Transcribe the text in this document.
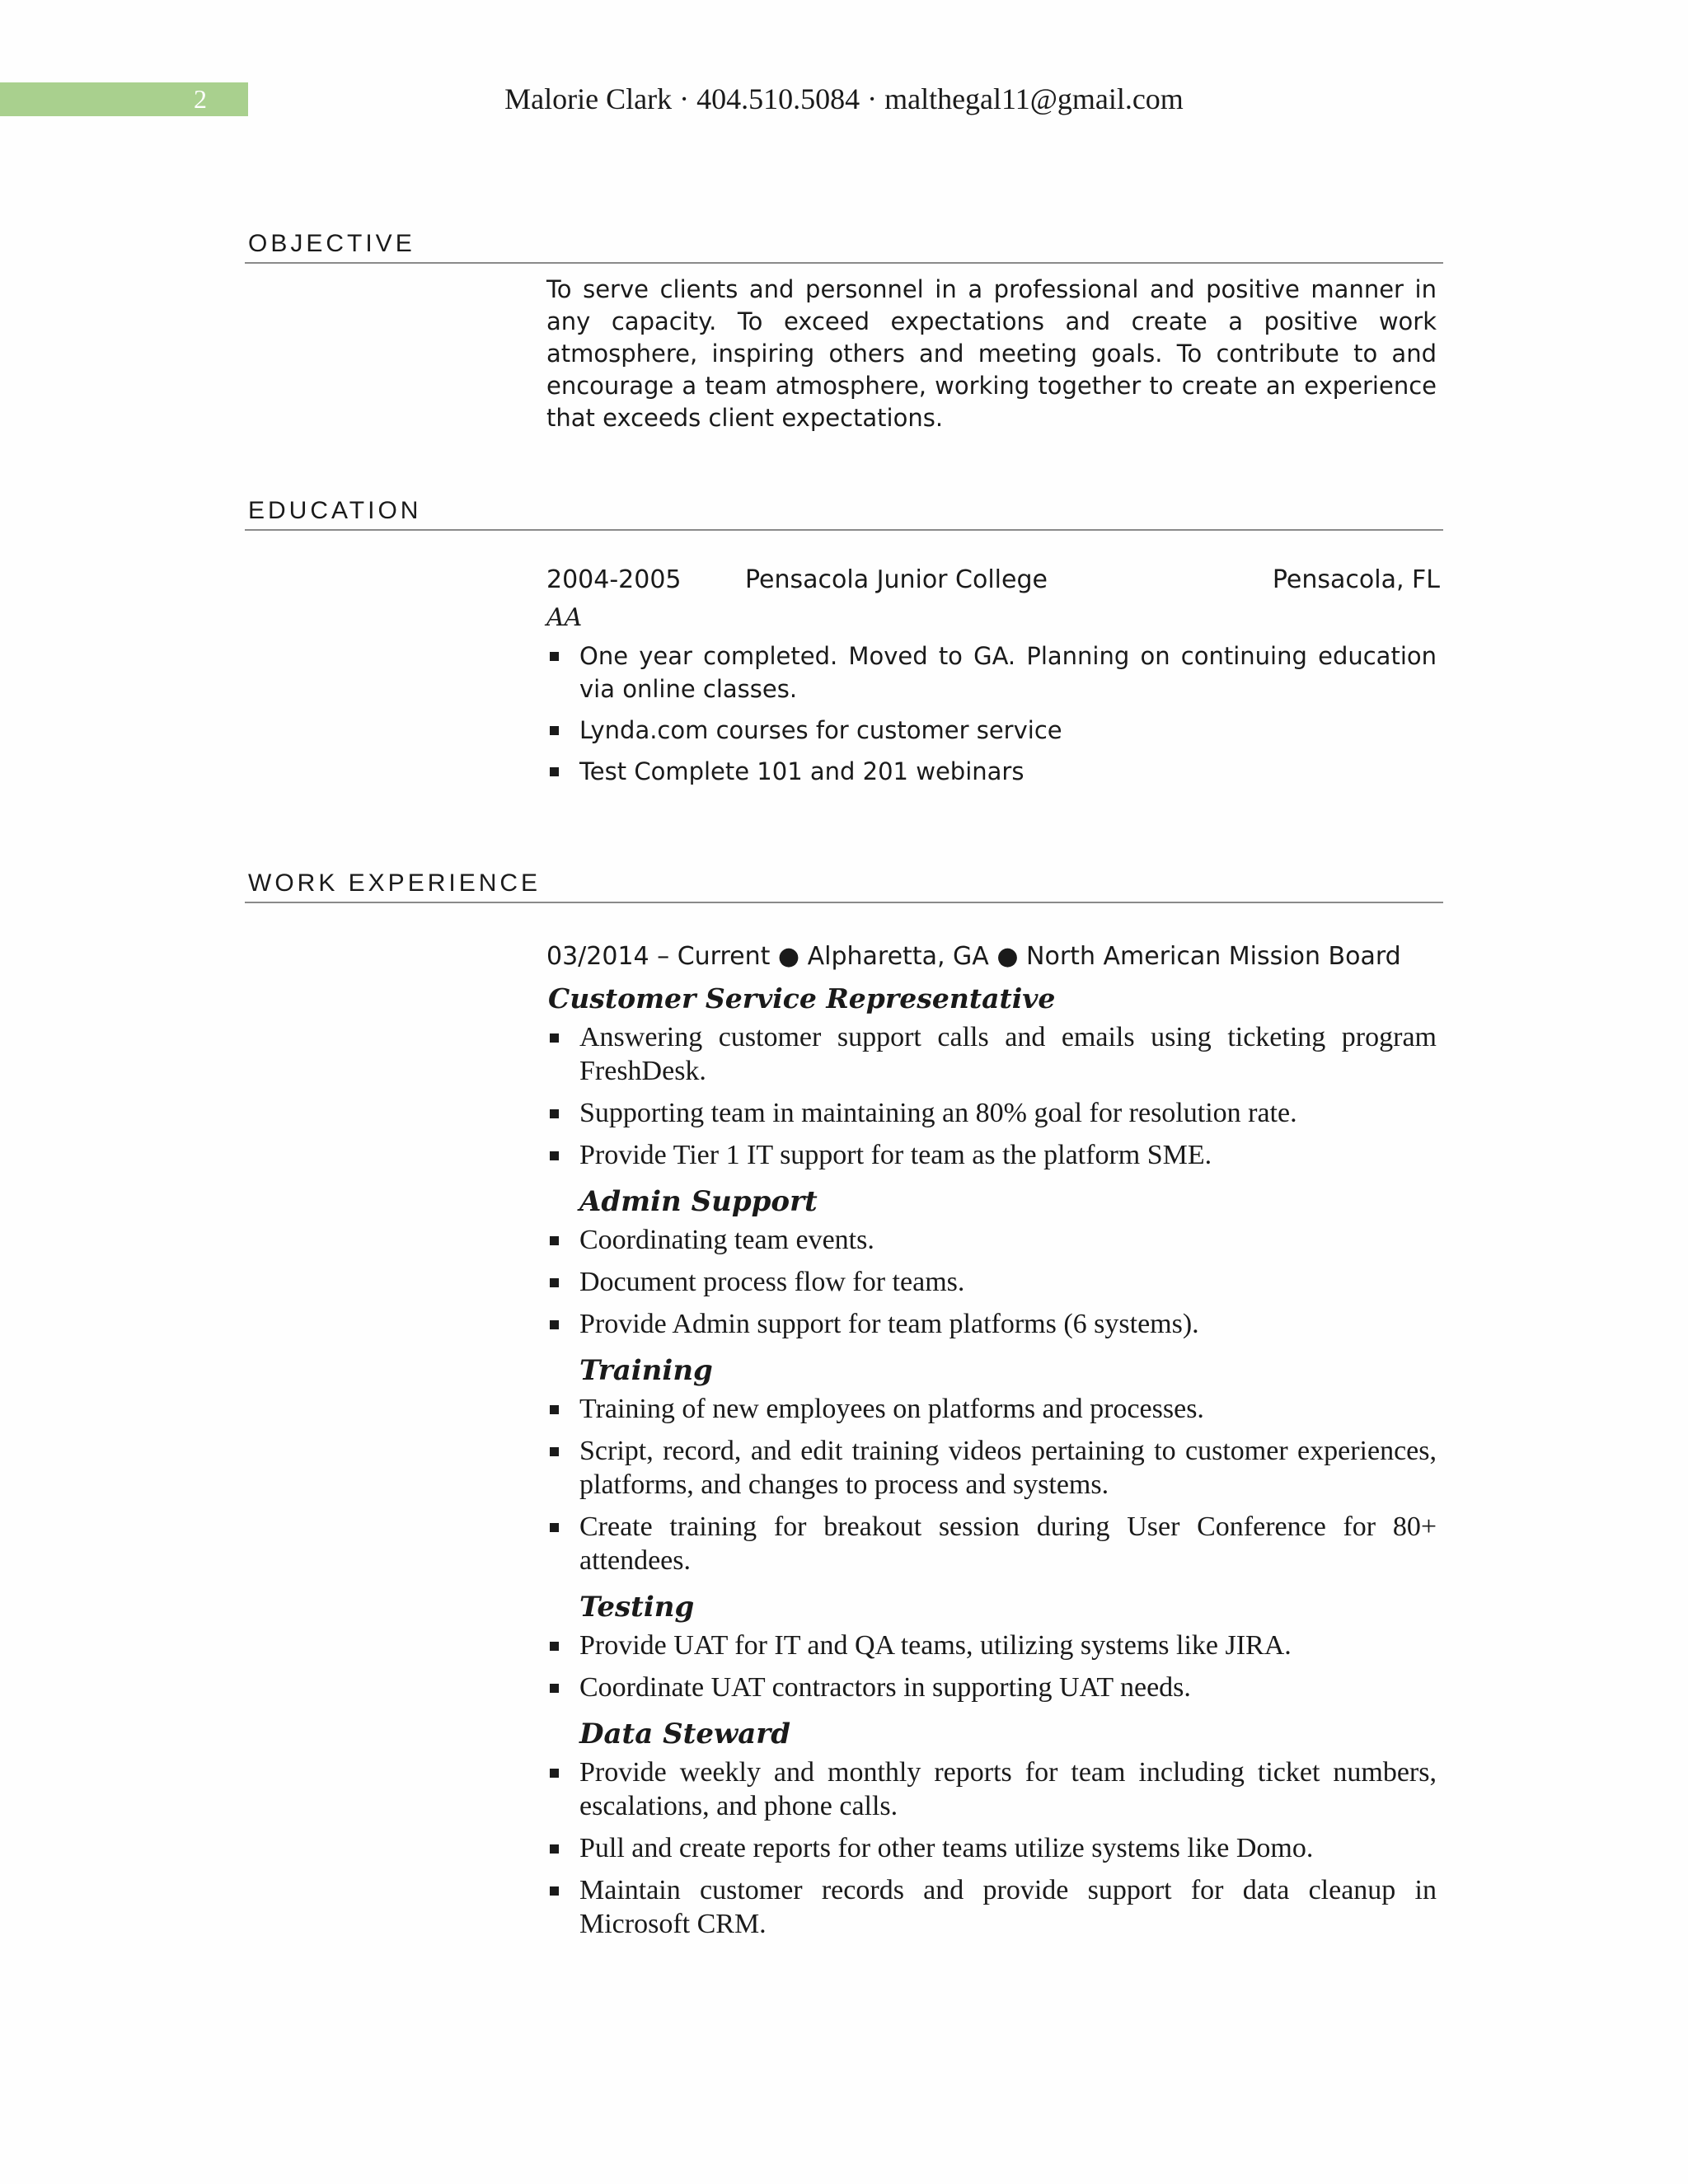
2	Malorie Clark · 404.510.5084 · malthegal11@gmail.com
OBJECTIVE

To serve clients and personnel in a professional and positive manner in any capacity. To exceed expectations and create a positive work atmosphere, inspiring others and meeting goals. To contribute to and encourage a team atmosphere, working together to create an experience that exceeds client expectations.

EDUCATION
2004-2005	Pensacola Junior College	Pensacola, FL
AA
One year completed. Moved to GA. Planning on continuing education via online classes.
Lynda.com courses for customer service
Test Complete 101 and 201 webinars
WORK EXPERIENCE
03/2014 – Current ● Alpharetta, GA ● North American Mission Board

Customer Service Representative

Answering customer support calls and emails using ticketing program FreshDesk.
Supporting team in maintaining an 80% goal for resolution rate.
Provide Tier 1 IT support for team as the platform SME.

Admin Support

Coordinating team events.
Document process flow for teams.
Provide Admin support for team platforms (6 systems).

Training

Training of new employees on platforms and processes.
Script, record, and edit training videos pertaining to customer experiences, platforms, and changes to process and systems.
Create training for breakout session during User Conference for 80+ attendees.

Testing

Provide UAT for IT and QA teams, utilizing systems like JIRA.
Coordinate UAT contractors in supporting UAT needs.

Data Steward

Provide weekly and monthly reports for team including ticket numbers, escalations, and phone calls.
Pull and create reports for other teams utilize systems like Domo.
Maintain customer records and provide support for data cleanup in Microsoft CRM.
